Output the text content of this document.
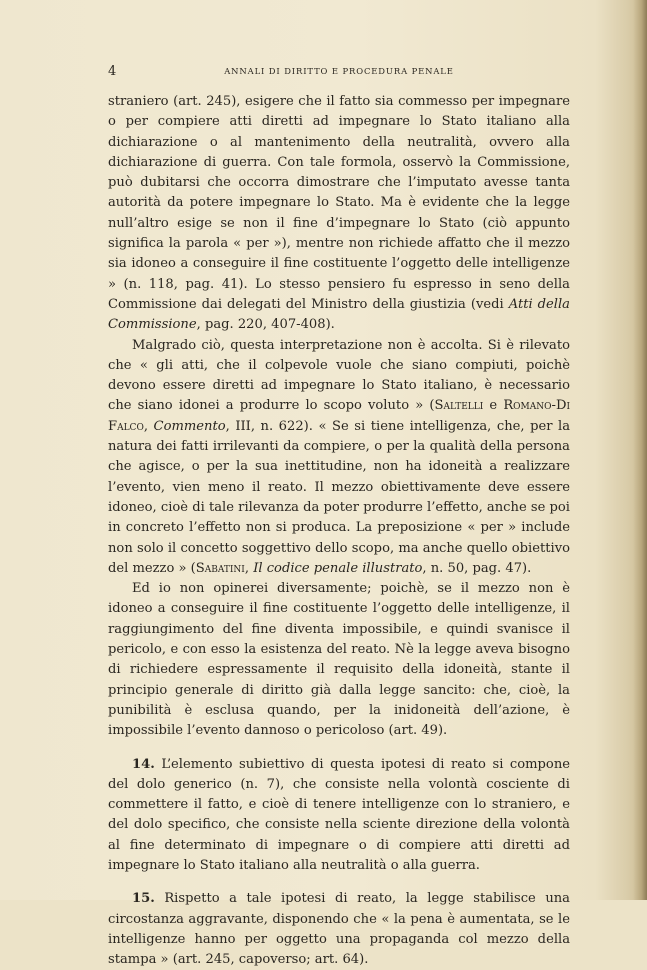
4	ANNALI DI DIRITTO E PROCEDURA PENALE

straniero (art. 245), esigere che il fatto sia commesso per impegnare o per compiere atti diretti ad impegnare lo Stato italiano alla dichiarazione o al mantenimento della neutralità, ovvero alla dichiarazione di guerra. Con tale formola, osservò la Commissione, può dubitarsi che occorra dimostrare che l’imputato avesse tanta autorità da potere impegnare lo Stato. Ma è evidente che la legge null’altro esige se non il fine d’impegnare lo Stato (ciò appunto significa la parola « per »), mentre non richiede affatto che il mezzo sia idoneo a conseguire il fine costituente l’oggetto delle intelligenze » (n. 118, pag. 41). Lo stesso pensiero fu espresso in seno della Commissione dai delegati del Ministro della giustizia (vedi Atti della Commissione, pag. 220, 407-408).

Malgrado ciò, questa interpretazione non è accolta. Si è rilevato che « gli atti, che il colpevole vuole che siano compiuti, poichè devono essere diretti ad impegnare lo Stato italiano, è necessario che siano idonei a produrre lo scopo voluto » (Saltelli e Romano-Di Falco, Commento, III, n. 622). « Se si tiene intelligenza, che, per la natura dei fatti irrilevanti da compiere, o per la qualità della persona che agisce, o per la sua inettitudine, non ha idoneità a realizzare l’evento, vien meno il reato. Il mezzo obiettivamente deve essere idoneo, cioè di tale rilevanza da poter produrre l’effetto, anche se poi in concreto l’effetto non si produca. La preposizione « per » include non solo il concetto soggettivo dello scopo, ma anche quello obiettivo del mezzo » (Sabatini, Il codice penale illustrato, n. 50, pag. 47).

Ed io non opinerei diversamente; poichè, se il mezzo non è idoneo a conseguire il fine costituente l’oggetto delle intelligenze, il raggiungimento del fine diventa impossibile, e quindi svanisce il pericolo, e con esso la esistenza del reato. Nè la legge aveva bisogno di richiedere espressamente il requisito della idoneità, stante il principio generale di diritto già dalla legge sancito: che, cioè, la punibilità è esclusa quando, per la inidoneità dell’azione, è impossibile l’evento dannoso o pericoloso (art. 49).

14. L’elemento subiettivo di questa ipotesi di reato si compone del dolo generico (n. 7), che consiste nella volontà cosciente di commettere il fatto, e cioè di tenere intelligenze con lo straniero, e del dolo specifico, che consiste nella sciente direzione della volontà al fine determinato di impegnare o di compiere atti diretti ad impegnare lo Stato italiano alla neutralità o alla guerra.

15. Rispetto a tale ipotesi di reato, la legge stabilisce una circostanza aggravante, disponendo che « la pena è aumentata, se le intelligenze hanno per oggetto una propaganda col mezzo della stampa » (art. 245, capoverso; art. 64).
